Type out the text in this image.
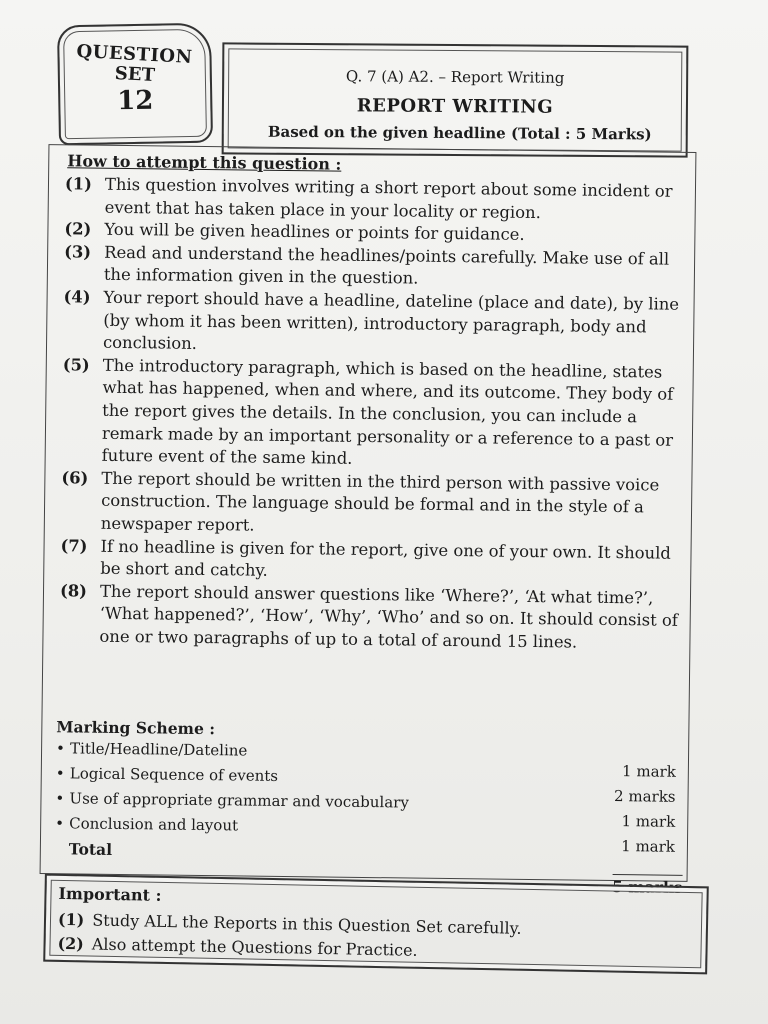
QUESTION
SET
12
Q. 7 (A) A2. – Report Writing
REPORT WRITING
Based on the given headline (Total : 5 Marks)
How to attempt this question :
(1) This question involves writing a short report about some incident or event that has taken place in your locality or region.
(2) You will be given headlines or points for guidance.
(3) Read and understand the headlines/points carefully. Make use of all the information given in the question.
(4) Your report should have a headline, dateline (place and date), by line (by whom it has been written), introductory paragraph, body and conclusion.
(5) The introductory paragraph, which is based on the headline, states what has happened, when and where, and its outcome. They body of the report gives the details. In the conclusion, you can include a remark made by an important personality or a reference to a past or future event of the same kind.
(6) The report should be written in the third person with passive voice construction. The language should be formal and in the style of a newspaper report.
(7) If no headline is given for the report, give one of your own. It should be short and catchy.
(8) The report should answer questions like ‘Where?’, ‘At what time?’, ‘What happened?’, ‘How’, ‘Why’, ‘Who’ and so on. It should consist of one or two paragraphs of up to a total of around 15 lines.
Marking Scheme :
• Title/Headline/Dateline
1 mark
• Logical Sequence of events
2 marks
• Use of appropriate grammar and vocabulary
1 mark
• Conclusion and layout
1 mark
Total
5 marks
Important :
(1) Study ALL the Reports in this Question Set carefully.
(2) Also attempt the Questions for Practice.
